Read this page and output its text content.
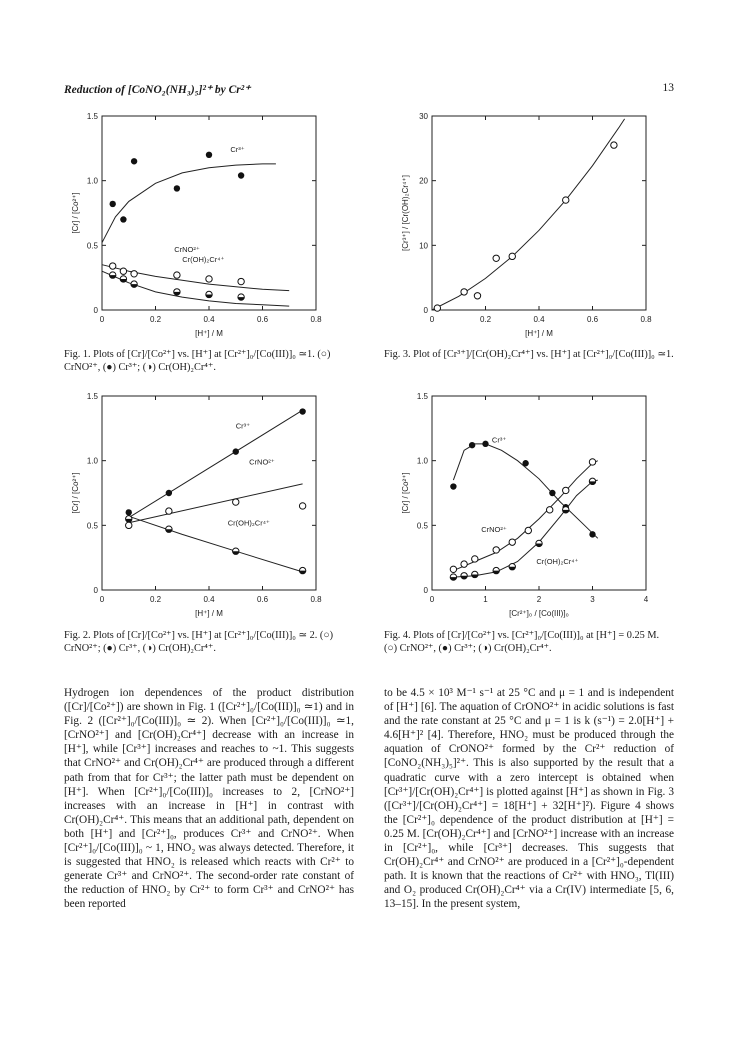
Reduction of [CoNO₂(NH₃)₅]²⁺ by Cr²⁺	13
0	0.2	0.4	0.6	0.8
0
0.5
1.0
1.5
[H⁺] / M
[Cr] / [Co²⁺]
Cr³⁺
CrNO²⁺
Cr(OH)₂Cr⁴⁺
0	0.2	0.4	0.6	0.8
0
10
20
30
[H⁺] / M
[Cr³⁺] / [Cr(OH)₂Cr⁴⁺]
0	0.2	0.4	0.6	0.8
0
0.5
1.0
1.5
[H⁺] / M
[Cr] / [Co²⁺]
Cr³⁺
CrNO²⁺
Cr(OH)₂Cr⁴⁺
0	1	2	3	4
0
0.5
1.0
1.5
[Cr²⁺]₀ / [Co(III)]₀
[Cr] / [Co²⁺]
Cr³⁺
CrNO²⁺
Cr(OH)₂Cr⁴⁺
Fig. 1. Plots of [Cr]/[Co²⁺] vs. [H⁺] at [Cr²⁺]₀/[Co(III)]₀ ≃1. (○) CrNO²⁺, (●) Cr³⁺; (◑) Cr(OH)₂Cr⁴⁺.
Fig. 3. Plot of [Cr³⁺]/[Cr(OH)₂Cr⁴⁺] vs. [H⁺] at [Cr²⁺]₀/[Co(III)]₀ ≃1.
Fig. 2. Plots of [Cr]/[Co²⁺] vs. [H⁺] at [Cr²⁺]₀/[Co(III)]₀ ≃ 2. (○) CrNO²⁺; (●) Cr³⁺, (◑) Cr(OH)₂Cr⁴⁺.
Fig. 4. Plots of [Cr]/[Co²⁺] vs. [Cr²⁺]₀/[Co(III)]₀ at [H⁺] = 0.25 M. (○) CrNO²⁺, (●) Cr³⁺; (◑) Cr(OH)₂Cr⁴⁺.

Hydrogen ion dependences of the product distribution ([Cr]/[Co²⁺]) are shown in Fig. 1 ([Cr²⁺]₀/[Co(III)]₀ ≃1) and in Fig. 2 ([Cr²⁺]₀/[Co(III)]₀ ≃ 2). When [Cr²⁺]₀/[Co(III)]₀ ≃1, [CrNO²⁺] and [Cr(OH)₂Cr⁴⁺] decrease with an increase in [H⁺], while [Cr³⁺] increases and reaches to ~1. This suggests that CrNO²⁺ and Cr(OH)₂Cr⁴⁺ are produced through a different path from that for Cr³⁺; the latter path must be dependent on [H⁺]. When [Cr²⁺]₀/[Co(III)]₀ increases to 2, [CrNO²⁺] increases with an increase in [H⁺] in contrast with Cr(OH)₂Cr⁴⁺. This means that an additional path, dependent on both [H⁺] and [Cr²⁺]₀, produces Cr³⁺ and CrNO²⁺. When [Cr²⁺]₀/[Co(III)]₀ ~ 1, HNO₂ was always detected. Therefore, it is suggested that HNO₂ is released which reacts with Cr²⁺ to generate Cr³⁺ and CrNO²⁺. The second-order rate constant of the reduction of HNO₂ by Cr²⁺ to form Cr³⁺ and CrNO²⁺ has been reported

to be 4.5 × 10³ M⁻¹ s⁻¹ at 25 °C and μ = 1 and is independent of [H⁺] [6]. The aquation of CrONO²⁺ in acidic solutions is fast and the rate constant at 25 °C and μ = 1 is k (s⁻¹) = 2.0[H⁺] + 4.6[H⁺]² [4]. Therefore, HNO₂ must be produced through the aquation of CrONO²⁺ formed by the Cr²⁺ reduction of [CoNO₂(NH₃)₅]²⁺. This is also supported by the result that a quadratic curve with a zero intercept is obtained when [Cr³⁺]/[Cr(OH)₂Cr⁴⁺] is plotted against [H⁺] as shown in Fig. 3 ([Cr³⁺]/[Cr(OH)₂Cr⁴⁺] = 18[H⁺] + 32[H⁺]²). Figure 4 shows the [Cr²⁺]₀ dependence of the product distribution at [H⁺] = 0.25 M. [Cr(OH)₂Cr⁴⁺] and [CrNO²⁺] increase with an increase in [Cr²⁺]₀, while [Cr³⁺] decreases. This suggests that Cr(OH)₂Cr⁴⁺ and CrNO²⁺ are produced in a [Cr²⁺]₀-dependent path. It is known that the reactions of Cr²⁺ with HNO₃, Tl(III) and O₂ produced Cr(OH)₂Cr⁴⁺ via a Cr(IV) intermediate [5, 6, 13–15]. In the present system,
